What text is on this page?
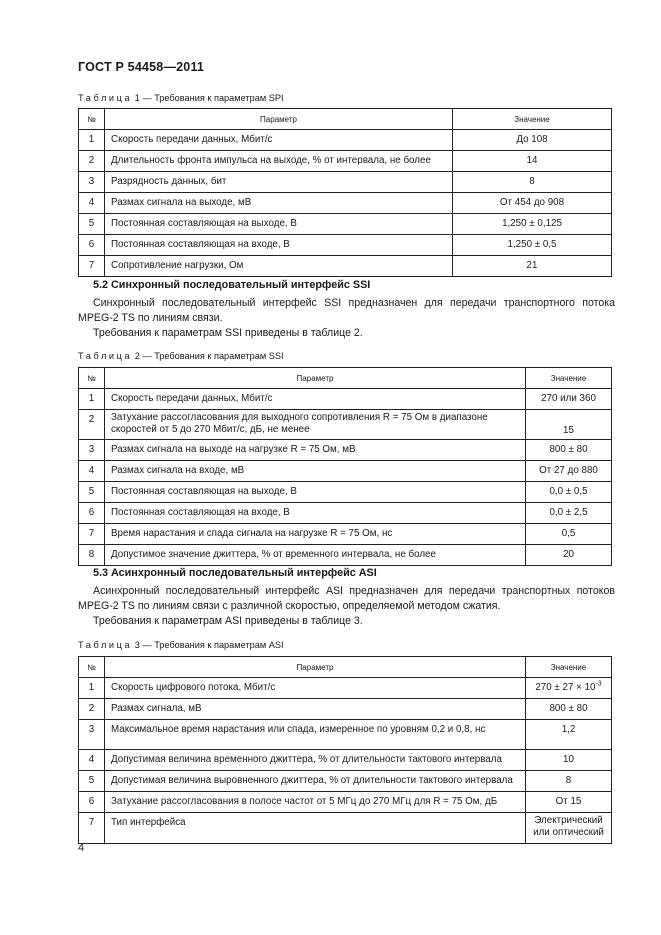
ГОСТ Р 54458—2011
Таблица 1 — Требования к параметрам SPI
№	Параметр	Значение
1	Скорость передачи данных, Мбит/с	До 108
2	Длительность фронта импульса на выходе, % от интервала, не более	14
3	Разрядность данных, бит	8
4	Размах сигнала на выходе, мВ	От 454 до 908
5	Постоянная составляющая на выходе, В	1,250 ± 0,125
6	Постоянная составляющая на входе, В	1,250 ± 0,5
7	Сопротивление нагрузки, Ом	21
5.2 Синхронный последовательный интерфейс SSI
Синхронный последовательный интерфейс SSI предназначен для передачи транспортного потока MPEG-2 TS по линиям связи.
Требования к параметрам SSI приведены в таблице 2.
Таблица 2 — Требования к параметрам SSI
№	Параметр	Значение
1	Скорость передачи данных, Мбит/с	270 или 360
2	Затухание рассогласования для выходного сопротивления R = 75 Ом в диапазоне скоростей от 5 до 270 Мбит/с, дБ, не менее	15
3	Размах сигнала на выходе на нагрузке R = 75 Ом, мВ	800 ± 80
4	Размах сигнала на входе, мВ	От 27 до 880
5	Постоянная составляющая на выходе, В	0,0 ± 0,5
6	Постоянная составляющая на входе, В	0,0 ± 2,5
7	Время нарастания и спада сигнала на нагрузке R = 75 Ом, нс	0,5
8	Допустимое значение джиттера, % от временного интервала, не более	20
5.3 Асинхронный последовательный интерфейс ASI
Асинхронный последовательный интерфейс ASI предназначен для передачи транспортных потоков MPEG-2 TS по линиям связи с различной скоростью, определяемой методом сжатия.
Требования к параметрам ASI приведены в таблице 3.
Таблица 3 — Требования к параметрам ASI
№	Параметр	Значение
1	Скорость цифрового потока, Мбит/с	$270 \pm 27 \times 10^{-3}$
2	Размах сигнала, мВ	800 ± 80
3	Максимальное время нарастания или спада, измеренное по уровням 0,2 и 0,8, нс	1,2
4	Допустимая величина временного джиттера, % от длительности тактового интервала	10
5	Допустимая величина выровненного джиттера, % от длительности тактового интервала	8
6	Затухание рассогласования в полосе частот от 5 МГц до 270 МГц для R = 75 Ом, дБ	От 15
7	Тип интерфейса	Электрический или оптический
4
